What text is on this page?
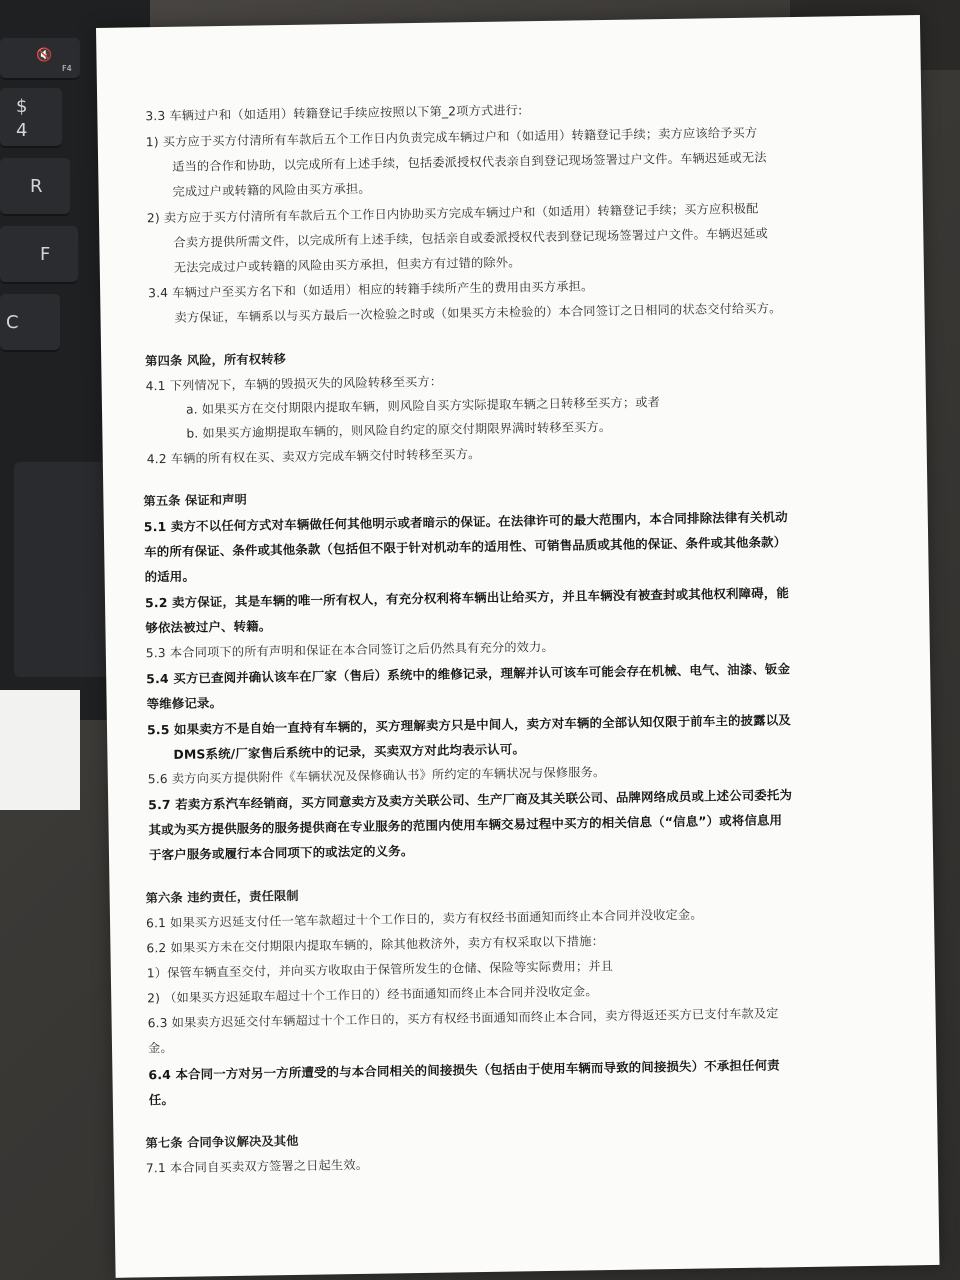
🔇
F4
$
4
R
F
C
3.3 车辆过户和（如适用）转籍登记手续应按照以下第_2项方式进行:
1) 买方应于买方付清所有车款后五个工作日内负责完成车辆过户和（如适用）转籍登记手续；卖方应该给予买方
适当的合作和协助，以完成所有上述手续，包括委派授权代表亲自到登记现场签署过户文件。车辆迟延或无法
完成过户或转籍的风险由买方承担。
2) 卖方应于买方付清所有车款后五个工作日内协助买方完成车辆过户和（如适用）转籍登记手续；买方应积极配
合卖方提供所需文件，以完成所有上述手续，包括亲自或委派授权代表到登记现场签署过户文件。车辆迟延或
无法完成过户或转籍的风险由买方承担，但卖方有过错的除外。
3.4 车辆过户至买方名下和（如适用）相应的转籍手续所产生的费用由买方承担。
卖方保证，车辆系以与买方最后一次检验之时或（如果买方未检验的）本合同签订之日相同的状态交付给买方。
第四条 风险，所有权转移
4.1 下列情况下，车辆的毁损灭失的风险转移至买方：
a. 如果买方在交付期限内提取车辆，则风险自买方实际提取车辆之日转移至买方；或者
b. 如果买方逾期提取车辆的，则风险自约定的原交付期限界满时转移至买方。
4.2 车辆的所有权在买、卖双方完成车辆交付时转移至买方。
第五条 保证和声明
5.1 卖方不以任何方式对车辆做任何其他明示或者暗示的保证。在法律许可的最大范围内，本合同排除法律有关机动
车的所有保证、条件或其他条款（包括但不限于针对机动车的适用性、可销售品质或其他的保证、条件或其他条款）
的适用。
5.2 卖方保证，其是车辆的唯一所有权人，有充分权利将车辆出让给买方，并且车辆没有被查封或其他权利障碍，能
够依法被过户、转籍。
5.3 本合同项下的所有声明和保证在本合同签订之后仍然具有充分的效力。
5.4 买方已查阅并确认该车在厂家（售后）系统中的维修记录，理解并认可该车可能会存在机械、电气、油漆、钣金
等维修记录。
5.5 如果卖方不是自始一直持有车辆的，买方理解卖方只是中间人，卖方对车辆的全部认知仅限于前车主的披露以及
DMS系统/厂家售后系统中的记录，买卖双方对此均表示认可。
5.6 卖方向买方提供附件《车辆状况及保修确认书》所约定的车辆状况与保修服务。
5.7 若卖方系汽车经销商，买方同意卖方及卖方关联公司、生产厂商及其关联公司、品牌网络成员或上述公司委托为
其或为买方提供服务的服务提供商在专业服务的范围内使用车辆交易过程中买方的相关信息（“信息”）或将信息用
于客户服务或履行本合同项下的或法定的义务。
第六条 违约责任，责任限制
6.1 如果买方迟延支付任一笔车款超过十个工作日的，卖方有权经书面通知而终止本合同并没收定金。
6.2 如果买方未在交付期限内提取车辆的，除其他救济外，卖方有权采取以下措施：
1）保管车辆直至交付，并向买方收取由于保管所发生的仓储、保险等实际费用；并且
2) （如果买方迟延取车超过十个工作日的）经书面通知而终止本合同并没收定金。
6.3 如果卖方迟延交付车辆超过十个工作日的，买方有权经书面通知而终止本合同，卖方得返还买方已支付车款及定
金。
6.4 本合同一方对另一方所遭受的与本合同相关的间接损失（包括由于使用车辆而导致的间接损失）不承担任何责
任。
第七条 合同争议解决及其他
7.1 本合同自买卖双方签署之日起生效。
